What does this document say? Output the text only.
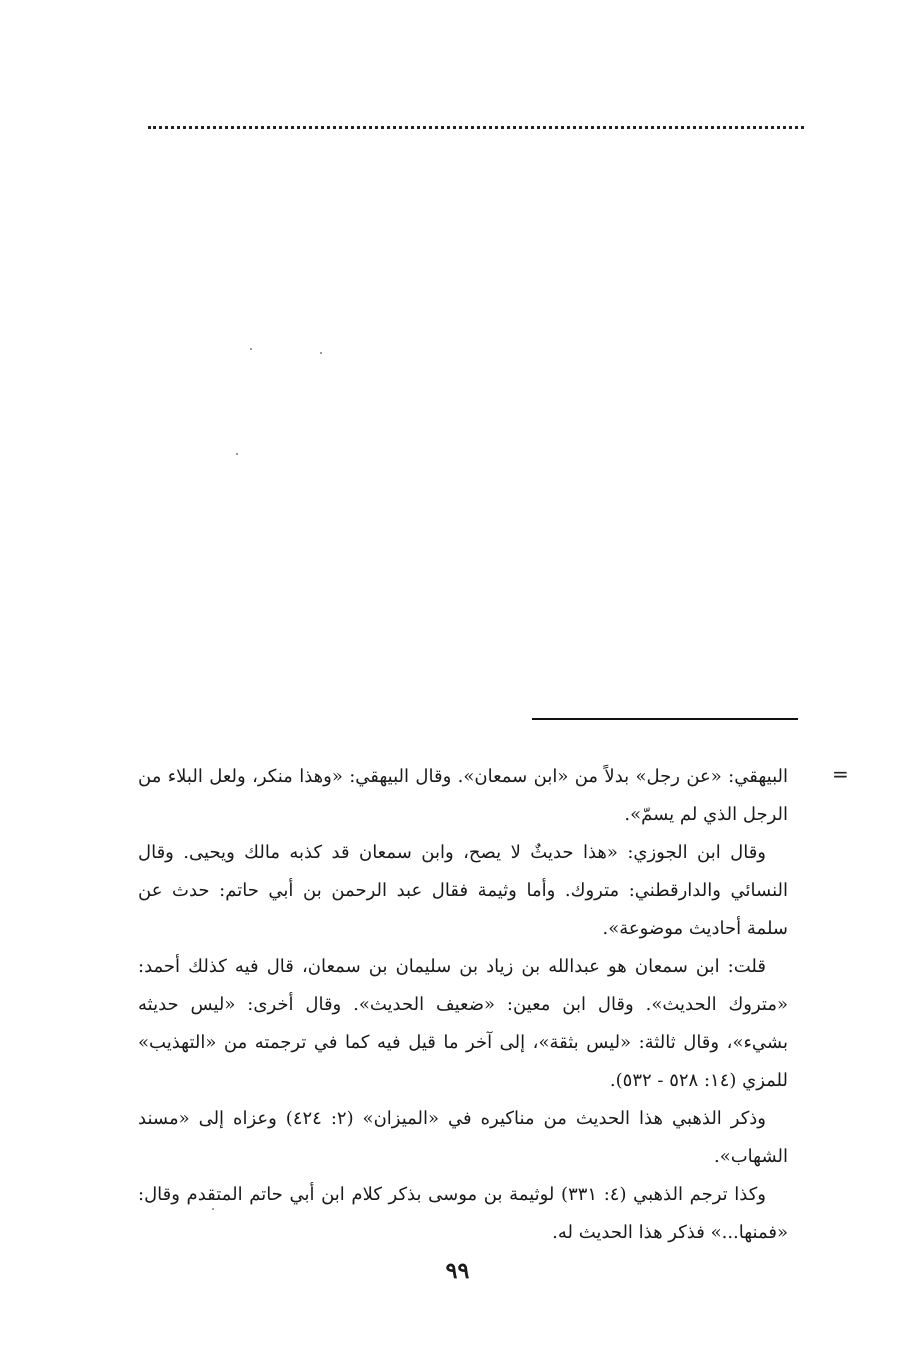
=

البيهقي: «عن رجل» بدلاً من «ابن سمعان». وقال البيهقي: «وهذا منكر، ولعل البلاء من الرجل الذي لم يسمّ».

وقال ابن الجوزي: «هذا حديثٌ لا يصح، وابن سمعان قد كذبه مالك ويحيى. وقال النسائي والدارقطني: متروك. وأما وثيمة فقال عبد الرحمن بن أبي حاتم: حدث عن سلمة أحاديث موضوعة».

قلت: ابن سمعان هو عبدالله بن زياد بن سليمان بن سمعان، قال فيه كذلك أحمد: «متروك الحديث». وقال ابن معين: «ضعيف الحديث». وقال أخرى: «ليس حديثه بشيء»، وقال ثالثة: «ليس بثقة»، إلى آخر ما قيل فيه كما في ترجمته من «التهذيب» للمزي (١٤: ٥٢٨ - ٥٣٢).

وذكر الذهبي هذا الحديث من مناكيره في «الميزان» (٢: ٤٢٤) وعزاه إلى «مسند الشهاب».

وكذا ترجم الذهبي (٤: ٣٣١) لوثيمة بن موسى بذكر كلام ابن أبي حاتم المتقدم وقال: «فمنها...» فذكر هذا الحديث له.

٩٩
